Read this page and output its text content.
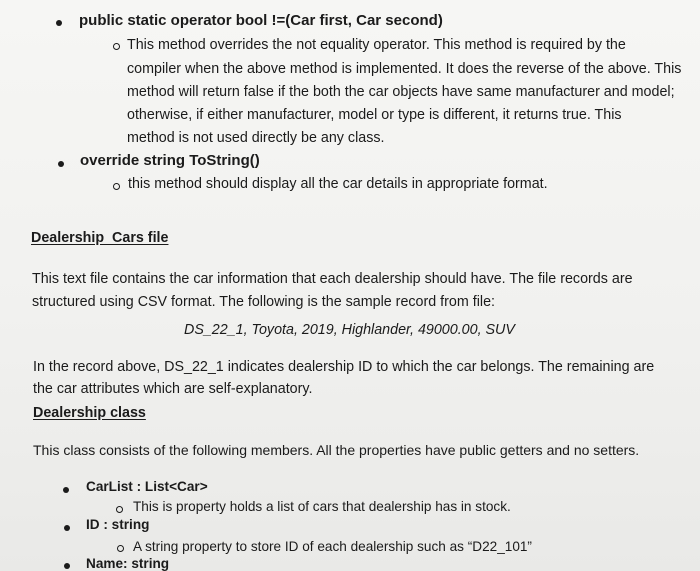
public static operator bool !=(Car first, Car second)
This method overrides the not equality operator. This method is required by the
compiler when the above method is implemented. It does the reverse of the above. This
method will return false if the both the car objects have same manufacturer and model;
otherwise, if either manufacturer, model or type is different, it returns true. This
method is not used directly be any class.
override string ToString()
this method should display all the car details in appropriate format.
Dealership  Cars file
This text file contains the car information that each dealership should have. The file records are
structured using CSV format. The following is the sample record from file:
DS_22_1, Toyota, 2019, Highlander, 49000.00, SUV
In the record above, DS_22_1 indicates dealership ID to which the car belongs. The remaining are
the car attributes which are self-explanatory.
Dealership class
This class consists of the following members. All the properties have public getters and no setters.
CarList : List<Car>
This is property holds a list of cars that dealership has in stock.
ID : string
A string property to store ID of each dealership such as “D22_101”
Name: string
